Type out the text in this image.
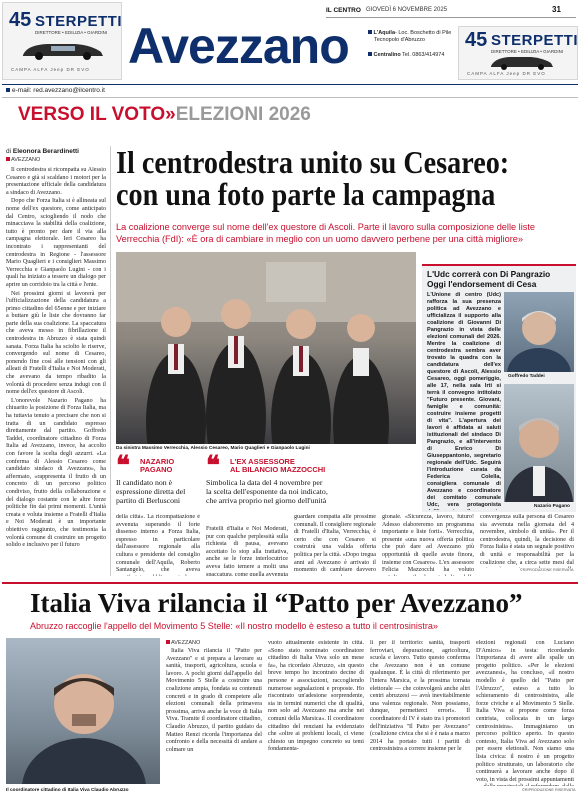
45 STERPETTI
DIRETTORE • EDILIZIA • GIARDINI
CAMPA ALFA Jeep DR EVO
45 STERPETTI
DIRETTORE • EDILIZIA • GIARDINI
CAMPA ALFA Jeep DR EVO
IL CENTRO GIOVEDÌ 6 NOVEMBRE 2025	31
Avezzano	L'Aquila- Loc. Boschetto di Pile
Tecnopolo d'Abruzzo
Centralino Tel. 0863/414974
e-mail: red.avezzano@ilcentro.it
VERSO IL VOTO»ELEZIONI 2026
di Eleonora Berardinetti
AVEZZANO Il centrodestra unito su Cesareo:
con una foto parte la campagna
La coalizione converge sul nome dell'ex questore di Ascoli. Parte il lavoro sulla composizione delle liste Verrecchia (FdI): «È ora di cambiare in meglio con un uomo davvero perbene per una città migliore»

Il centrodestra si ricompatta su Alessio Cesareo e già si scaldano i motori per la presentazione ufficiale della candidatura a sindaco di Avezzano.

Dopo che Forza Italia si è allineata sul nome dell'ex questore, come anticipato dal Centro, sciogliendo il nodo che minacciava la stabilità della coalizione, tutto è pronto per dare il via alla campagna elettorale. Ieri Cesareo ha incontrato i rappresentanti del centrodestra in Regione - l'assessore Mario Quaglieri e i consiglieri Massimo Verrecchia e Gianpaolo Lugini - con i quali ha iniziato a tessere un dialogo per aprire un corridoio tra la città e l'ente.

Nei prossimi giorni si lavorerà per l'ufficializzazione della candidatura a primo cittadino del 65enne e per iniziare a buttare giù le liste che dovranno far parte della sua coalizione. La spaccatura che aveva messo in fibrillazione il centrodestra in Abruzzo è stata quindi sanata. Forza Italia ha sciolto le riserve, convergendo sul nome di Cesareo, ponendo fine così alle tensioni con gli alleati di Fratelli d'Italia e Noi Moderati, che avevano da tempo ribadito la volontà di procedere senza indugi con il nome dell'ex questore di Ascoli.

L'onorevole Nazario Pagano ha chiuarito la posizione di Forza Italia, ma ha tuttavia tenuto a precisare che non si tratta di un candidato espresso direttamente dal partito. Goffredo Taddei, coordinatore cittadino di Forza Italia ad Avezzano, invece, ha accolto con favore la scelta degli azzurri. «La conferma di Alessio Cesareo come candidato sindaco di Avezzano», ha affermato, «rappresenta il frutto di un concreto di un percorso politico condiviso, frutto della collaborazione e del dialogo costante con le altre forze politiche fin dai primi momenti. L'unità creata e voluta insieme a Fratelli d'Italia e Noi Moderati è un importante obiettivo raggiunto, che testimonia la volontà comune di costruire un progetto solido e inclusivo per il futuro

Da sinistra Massimo Verrecchia, Alessio Cesareo, Mario Quaglieri e Gianpaolo Lugini
❝ NAZARIO
PAGANO
Il candidato non è espressione diretta del partito di Berlusconi
❝ L'EX ASSESSORE
AL BILANCIO MAZZOCCHI
Simbolica la data del 4 novembre per la scelta dell'esponente da noi indicato, che arriva proprio nel giorno dell'unità

della città». La ricompattazione è avvenuta superando il forte dissenso interno a Forza Italia, espresso in particolare dall'assessore regionale alla cultura e presidente del consiglio comunale dell'Aquila, Roberto Santangelo, che aveva

Fratelli d'Italia e Noi Moderati, pur con qualche perplessità sulla richiesta di pausa, avevano accettato lo stop alla trattativa, anche se le forze interlocutrice aveva fatto temere a molti una spaccatura, come quella avvenuta

guardare compatta alle prossime comunali. Il consigliere regionale di Fratelli d'Italia, Verrecchia, è certo che con Cesareo si costruirà una valida offerta politica per la città. «Dopo tregua anni ad Avezzano è arrivato il momento di cambiare davvero

gionale. «Sicurezza, lavoro, futuro! Adesso elaboreremo un programma importante e liste forti». Verrecchia, presente «una nuova offerta politica che può dare ad Avezzano più opportunità di quelle avute finora, insieme con Cesareo». L'ex assessore Felicia Mazzocchi ha voluto

convergenza sulla persona di Cesareo sia avvenuta nella giornata del 4 novembre, simbolo di unità». Per il centrodestra, quindi, la decisione di Forza Italia è stata un segnale positivo di unità e responsabilità per la coalizione che, a circa sette mesi dal

©RIPRODUZIONE RISERVATA
L'Udc correrà con Di Pangrazio
Oggi l'endorsement di Cesa
L'Unione di centro (Udc) rafforza la sua presenza politica ad Avezzano e ufficializza il supporto alla coalizione di Giovanni Di Pangrazio in vista delle elezioni comunali del 2026. Mentre la coalizione di centrodestra sembra aver trovato la quadra con la candidatura dell'ex questore di Ascoli, Alessio Cesareo, oggi pomeriggio, alle 17, nella sala Irti si terrà il convegno intitolato "Futuro presente. Giovani, famiglie e comunità: costruire insieme progetti di vita". L'apertura dei lavori è affidata ai saluti istituzionali del sindaco Di Pangrazio, e all'intervento di Enrico Di Giuseppantonio, segretario regionale dell'Udc. Seguirà l'introduzione curata da Federica Colella, consigliera comunale di Avezzano e coordinatore dei comitato comunale Udc, vera protagonista
Goffredo Taddei
Nazario Pagano
Italia Viva rilancia il “Patto per Avezzano”
Abruzzo raccoglie l'appello del Movimento 5 Stelle: «Il nostro modello è esteso a tutto il centrosinistra»
Il coordinatore cittadino di Italia Viva Claudio Abruzzo
AVEZZANO

Italia Viva rilancia il "Patto per Avezzano" e si prepara a lavorare su sanità, trasporti, agricoltura, scuola e lavoro. A pochi giorni dall'appello del Movimento 5 Stelle a costruire una coalizione ampia, fondata su contenuti concreti e in grado di competere alle elezioni comunali della primavera prossima, arriva anche la voce di Italia Viva. Tramite il coordinatore cittadino, Claudio Abruzzo, il partito guidato da Matteo Renzi ricorda l'importanza del confronto e della necessità di andare a colmare un

vuoto attualmente esistente in città. «Sono stato nominato coordinatore cittadino di Italia Viva solo un mese fa», ha ricordato Abruzzo, «in questo breve tempo ho incontrato decine di persone e associazioni, raccogliendo numerose segnalazioni e proposte. Ho riscontrato un'adesione sorprendente, sia in termini numerici che di qualità, non solo ad Avezzano ma anche nei comuni della Marsica». Il coordinatore cittadino del renziani ha evidenziato che «oltre ai problemi locali, ci viene chiesto un impegno concreto su temi fondamenta-

li per il territorio: sanità, trasporti ferroviari, depurazione, agricoltura, scuola e lavoro. Tutto questo conferma che Avezzano non è un comune qualunque. È la città di riferimento per l'intera Marsica, e la prossima tornata elettorale — che coinvolgerà anche altri centri abruzzesi — avrà inevitabilmente una valenza regionale. Non possiamo, dunque, permetterci errori». Il coordinatore di IV è stato tra i promotori dell'iniziativa "Il Patto per Avezzano" (coalizione civica che si è è nata a marzo 2014 ha portato tutti i partiti di centrosinistra a correre insieme per le

elezioni regionali con Luciano D'Amico» in testa: ricordando l'importanza di avere alle spalle un progetto politico. «Per le elezioni avezzanesi», ha concluso, «il nostro modello è quello del "Patto per l'Abruzzo", esteso a tutto lo schieramento di centrosinistra, alle forze civiche e al Movimento 5 Stelle. Italia Viva si propone come forza centrista, collocata in un largo centrosinistra». Immaginiamo un percorso politico aperto. In questo contesto, Italia Viva ad Avezzano solo per essere elettorali. Non siamo una lista civica: il nostro è un progetto politico strutturato, un laboratorio che continuerà a lavorare anche dopo il voto, in vista dei prossimi appuntamenti

©RIPRODUZIONE RISERVATA
